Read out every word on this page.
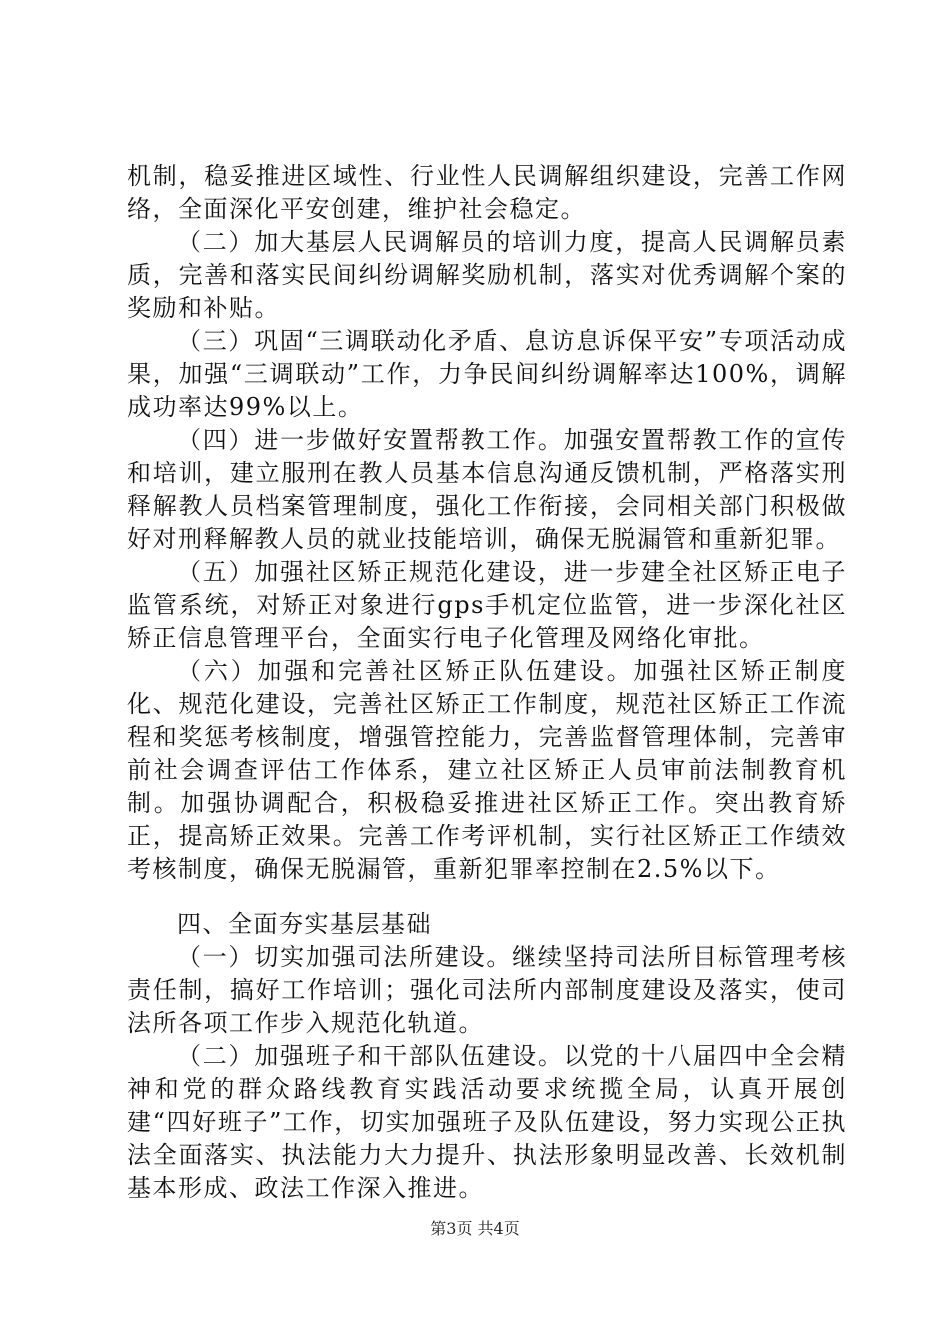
机制，稳妥推进区域性、行业性人民调解组织建设，完善工作网络，全面深化平安创建，维护社会稳定。

（二）加大基层人民调解员的培训力度，提高人民调解员素质，完善和落实民间纠纷调解奖励机制，落实对优秀调解个案的奖励和补贴。

（三）巩固“三调联动化矛盾、息访息诉保平安”专项活动成果，加强“三调联动”工作，力争民间纠纷调解率达100%，调解成功率达99%以上。

（四）进一步做好安置帮教工作。加强安置帮教工作的宣传和培训，建立服刑在教人员基本信息沟通反馈机制，严格落实刑释解教人员档案管理制度，强化工作衔接，会同相关部门积极做好对刑释解教人员的就业技能培训，确保无脱漏管和重新犯罪。

（五）加强社区矫正规范化建设，进一步建全社区矫正电子监管系统，对矫正对象进行gps手机定位监管，进一步深化社区矫正信息管理平台，全面实行电子化管理及网络化审批。

（六）加强和完善社区矫正队伍建设。加强社区矫正制度化、规范化建设，完善社区矫正工作制度，规范社区矫正工作流程和奖惩考核制度，增强管控能力，完善监督管理体制，完善审前社会调查评估工作体系，建立社区矫正人员审前法制教育机制。加强协调配合，积极稳妥推进社区矫正工作。突出教育矫正，提高矫正效果。完善工作考评机制，实行社区矫正工作绩效考核制度，确保无脱漏管，重新犯罪率控制在2.5%以下。

四、全面夯实基层基础

（一）切实加强司法所建设。继续坚持司法所目标管理考核责任制，搞好工作培训；强化司法所内部制度建设及落实，使司法所各项工作步入规范化轨道。

（二）加强班子和干部队伍建设。以党的十八届四中全会精神和党的群众路线教育实践活动要求统揽全局，认真开展创建“四好班子”工作，切实加强班子及队伍建设，努力实现公正执法全面落实、执法能力大力提升、执法形象明显改善、长效机制基本形成、政法工作深入推进。

第3页 共4页
